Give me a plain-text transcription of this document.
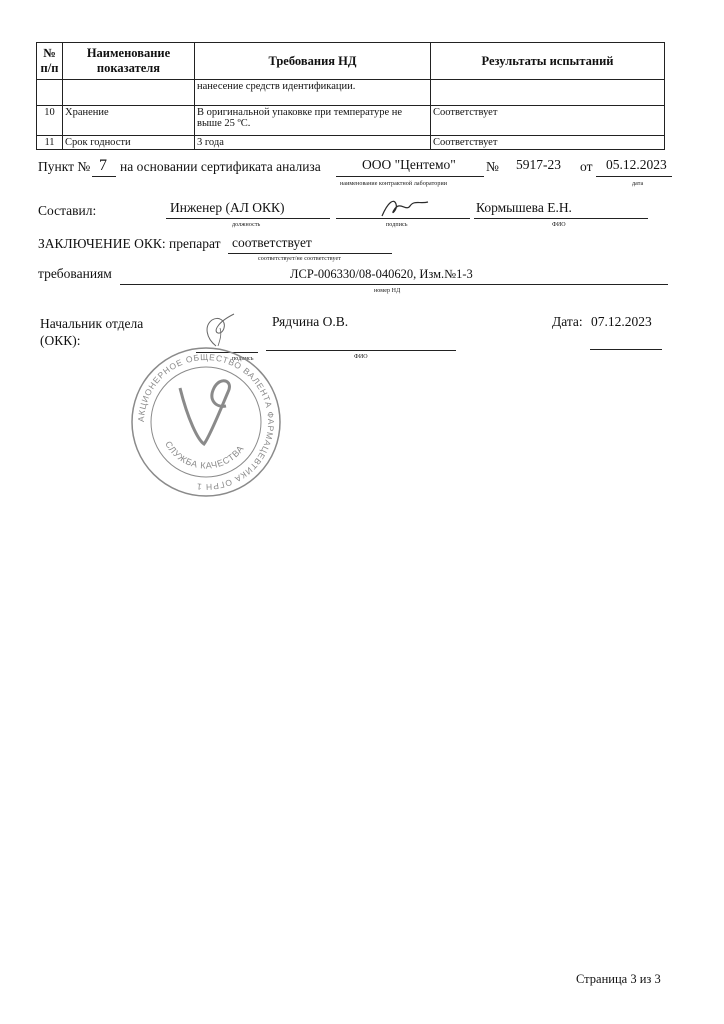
№ п/п	Наименование показателя	Требования НД	Результаты испытаний
		нанесение средств идентификации.	
10	Хранение	В оригинальной упаковке при температуре не выше 25 ºС.	Соответствует
11	Срок годности	3 года	Соответствует
Пункт № 7 на основании сертификата анализа	ООО "Центемо"
наименование контрактной лаборатории
№ 5917-23 от 05.12.2023
дата
Составил:	Инженер (АЛ ОКК)
должность	подпись
Кормышева Е.Н.
ФИО
ЗАКЛЮЧЕНИЕ ОКК: препарат соответствует
соответствует/не соответствует
требованиям	ЛСР-006330/08-040620, Изм.№1-3
номер НД
Начальник отдела
(ОКК):
подпись
Рядчина О.В.
ФИО
Дата: 07.12.2023
АКЦИОНЕРНОЕ ОБЩЕСТВО ВАЛЕНТА ФАРМАЦЕВТИКА ОГРН 1
СЛУЖБА КАЧЕСТВА
Страница 3 из 3
